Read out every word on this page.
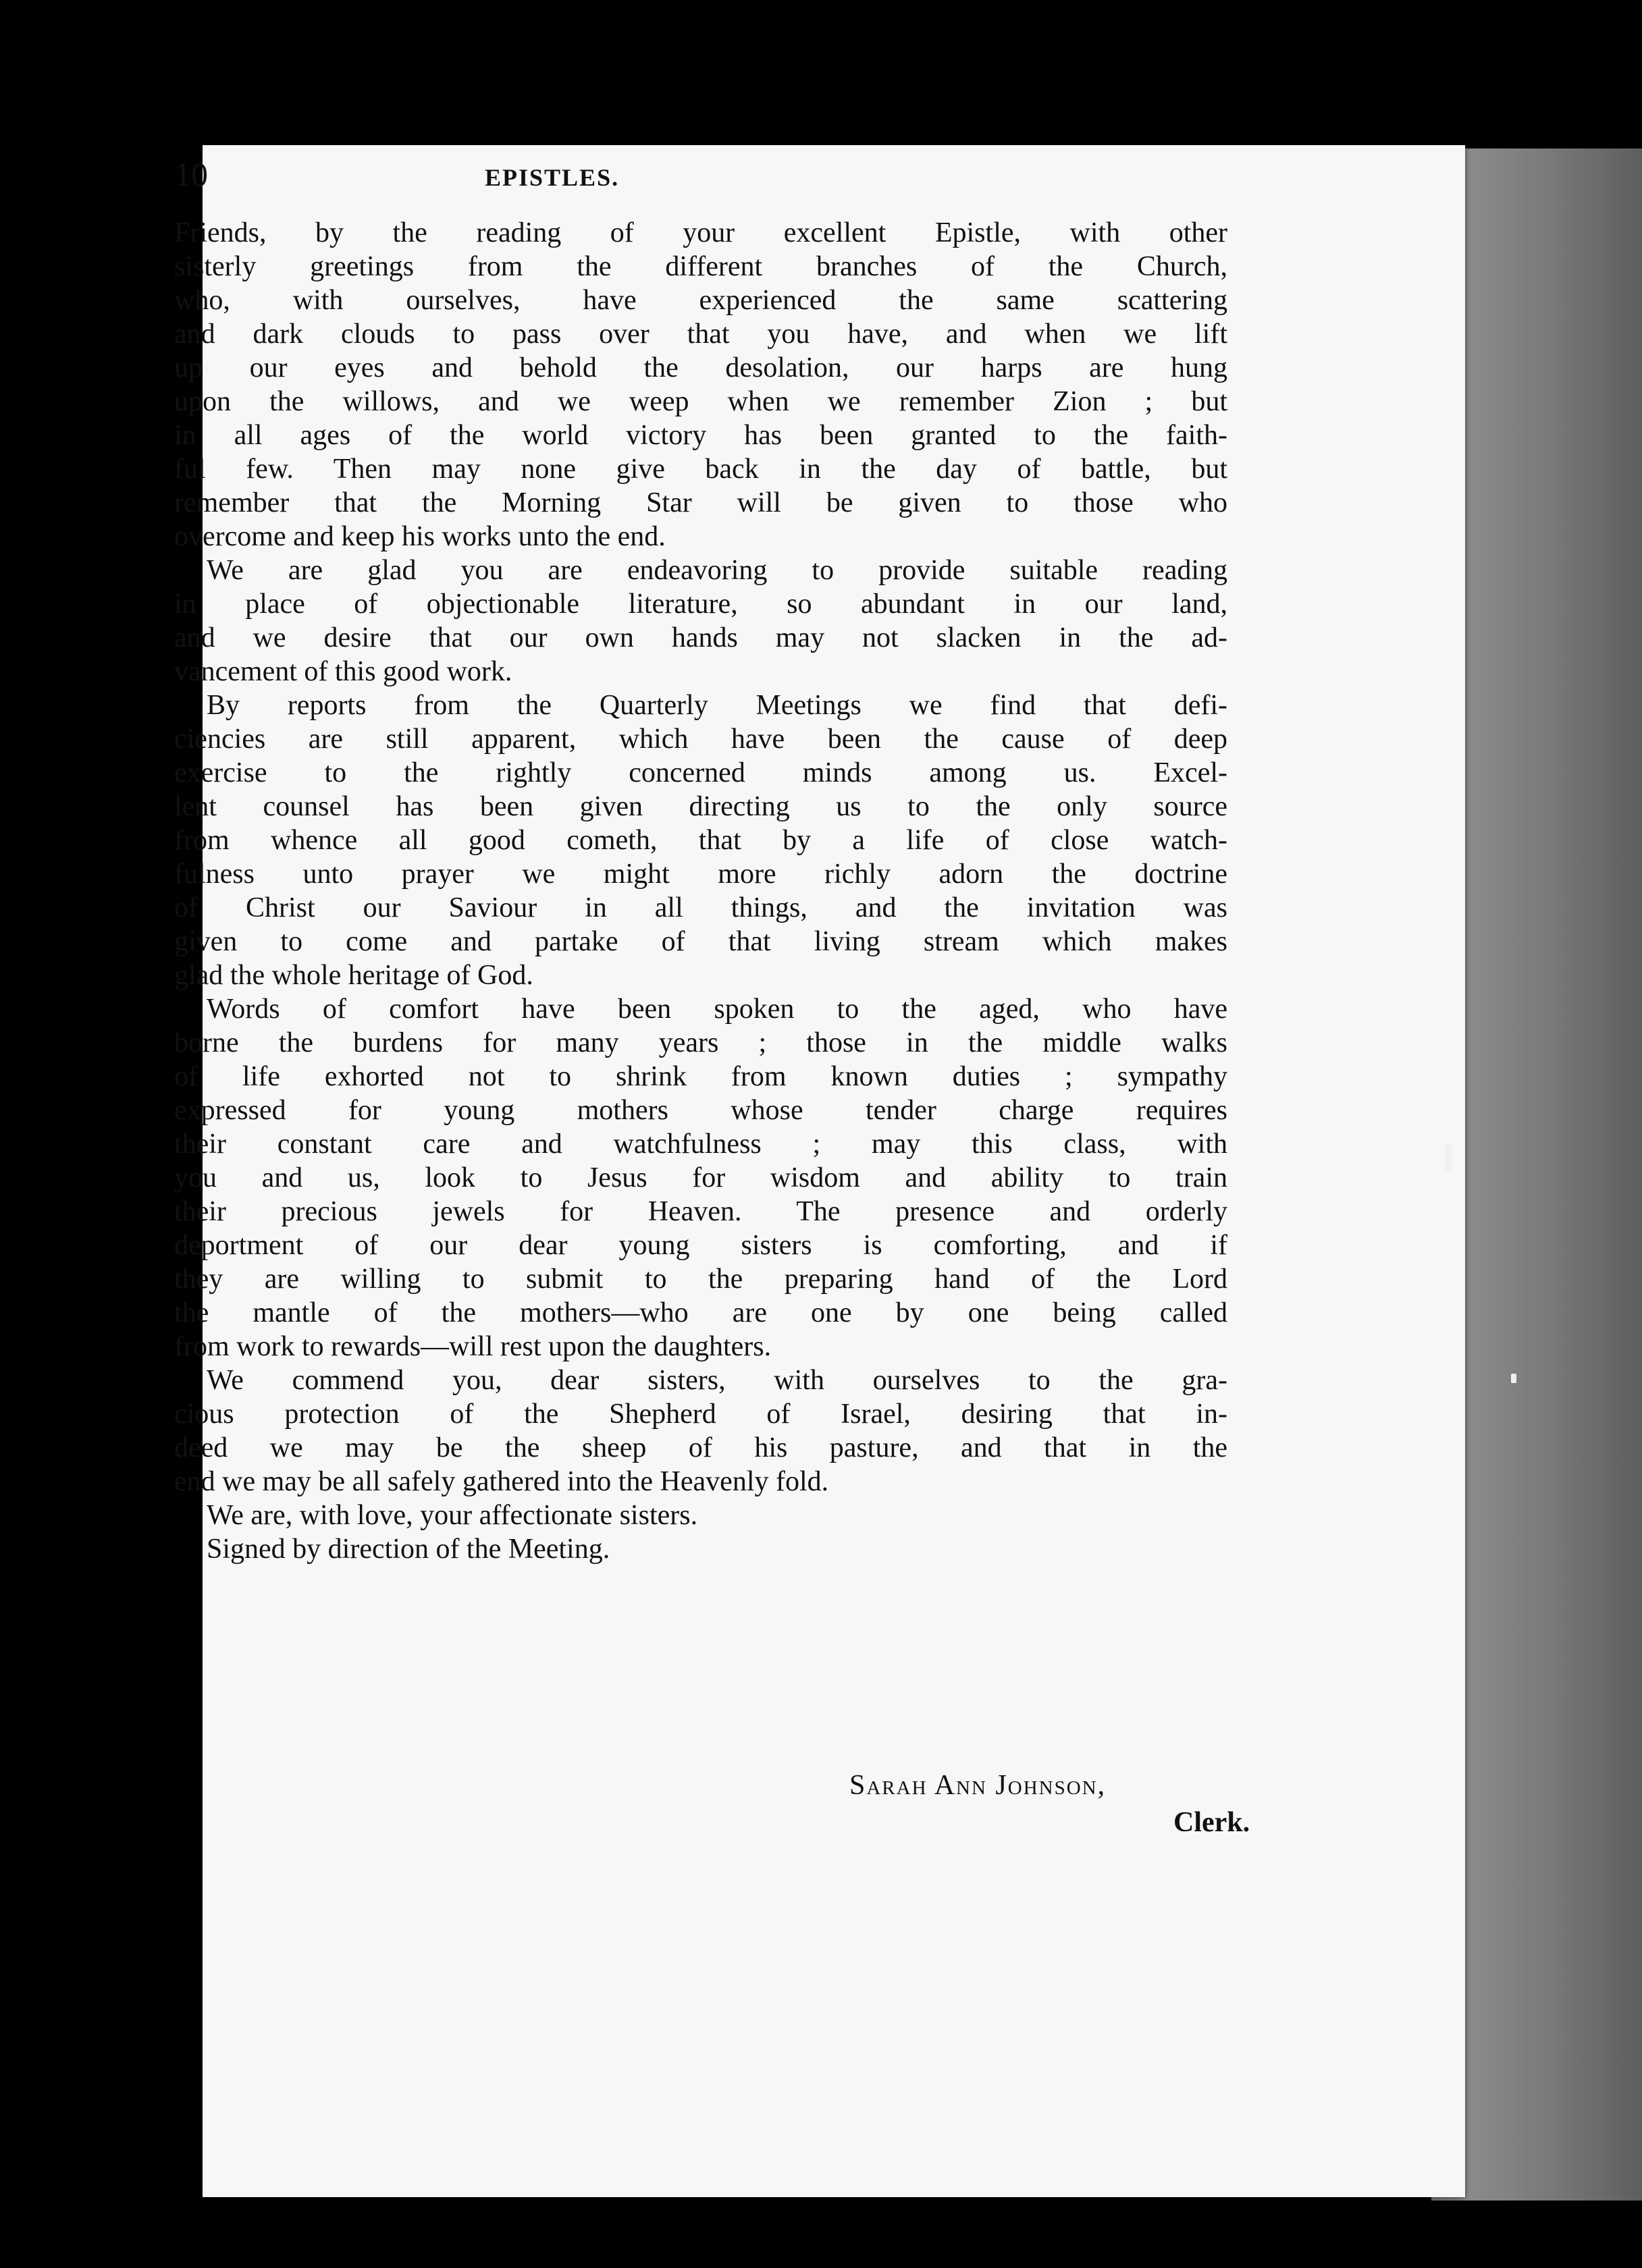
10	EPISTLES.
Friends, by the reading of your excellent Epistle, with other
sisterly greetings from the different branches of the Church,
who, with ourselves, have experienced the same scattering
and dark clouds to pass over that you have, and when we lift
up our eyes and behold the desolation, our harps are hung
upon the willows, and we weep when we remember Zion ; but
in all ages of the world victory has been granted to the faith-
ful few. Then may none give back in the day of battle, but
remember that the Morning Star will be given to those who
overcome and keep his works unto the end.
We are glad you are endeavoring to provide suitable reading
in place of objectionable literature, so abundant in our land,
and we desire that our own hands may not slacken in the ad-
vancement of this good work.
By reports from the Quarterly Meetings we find that defi-
ciencies are still apparent, which have been the cause of deep
exercise to the rightly concerned minds among us. Excel-
lent counsel has been given directing us to the only source
from whence all good cometh, that by a life of close watch-
fulness unto prayer we might more richly adorn the doctrine
of Christ our Saviour in all things, and the invitation was
given to come and partake of that living stream which makes
glad the whole heritage of God.
Words of comfort have been spoken to the aged, who have
borne the burdens for many years ; those in the middle walks
of life exhorted not to shrink from known duties ; sympathy
expressed for young mothers whose tender charge requires
their constant care and watchfulness ; may this class, with
you and us, look to Jesus for wisdom and ability to train
their precious jewels for Heaven. The presence and orderly
deportment of our dear young sisters is comforting, and if
they are willing to submit to the preparing hand of the Lord
the mantle of the mothers—who are one by one being called
from work to rewards—will rest upon the daughters.
We commend you, dear sisters, with ourselves to the gra-
cious protection of the Shepherd of Israel, desiring that in-
deed we may be the sheep of his pasture, and that in the
end we may be all safely gathered into the Heavenly fold.
We are, with love, your affectionate sisters.
Signed by direction of the Meeting.
Sarah Ann Johnson,
Clerk.
